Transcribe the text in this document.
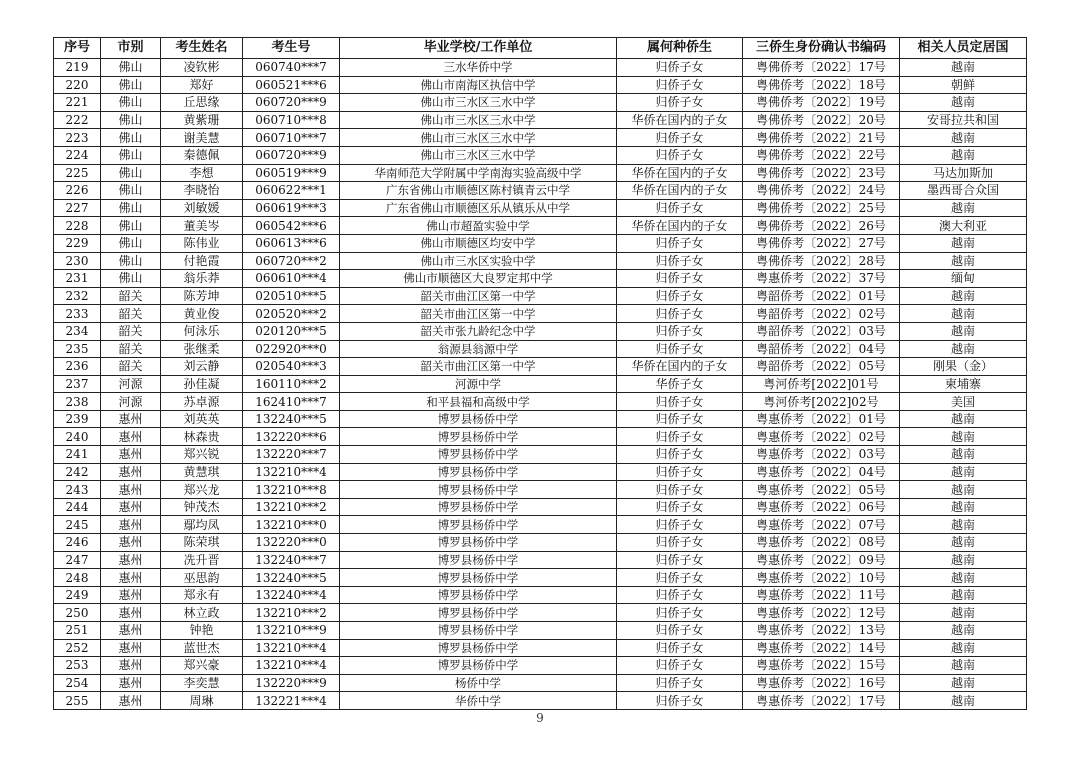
序号	市别	考生姓名	考生号	毕业学校/工作单位	属何种侨生	三侨生身份确认书编码	相关人员定居国
219	佛山	凌钦彬	060740***7	三水华侨中学	归侨子女	粤佛侨考〔2022〕17号	越南
220	佛山	郑好	060521***6	佛山市南海区执信中学	归侨子女	粤佛侨考〔2022〕18号	朝鲜
221	佛山	丘思缘	060720***9	佛山市三水区三水中学	归侨子女	粤佛侨考〔2022〕19号	越南
222	佛山	黄紫珊	060710***8	佛山市三水区三水中学	华侨在国内的子女	粤佛侨考〔2022〕20号	安哥拉共和国
223	佛山	谢美慧	060710***7	佛山市三水区三水中学	归侨子女	粤佛侨考〔2022〕21号	越南
224	佛山	秦德佩	060720***9	佛山市三水区三水中学	归侨子女	粤佛侨考〔2022〕22号	越南
225	佛山	李想	060519***9	华南师范大学附属中学南海实验高级中学	华侨在国内的子女	粤佛侨考〔2022〕23号	马达加斯加
226	佛山	李晓怡	060622***1	广东省佛山市顺德区陈村镇青云中学	华侨在国内的子女	粤佛侨考〔2022〕24号	墨西哥合众国
227	佛山	刘敏媛	060619***3	广东省佛山市顺德区乐从镇乐从中学	归侨子女	粤佛侨考〔2022〕25号	越南
228	佛山	董美岑	060542***6	佛山市超盈实验中学	华侨在国内的子女	粤佛侨考〔2022〕26号	澳大利亚
229	佛山	陈伟业	060613***6	佛山市顺德区均安中学	归侨子女	粤佛侨考〔2022〕27号	越南
230	佛山	付艳霞	060720***2	佛山市三水区实验中学	归侨子女	粤佛侨考〔2022〕28号	越南
231	佛山	翁乐莽	060610***4	佛山市顺德区大良罗定邦中学	归侨子女	粤惠侨考〔2022〕37号	缅甸
232	韶关	陈芳坤	020510***5	韶关市曲江区第一中学	归侨子女	粤韶侨考〔2022〕01号	越南
233	韶关	黄业俊	020520***2	韶关市曲江区第一中学	归侨子女	粤韶侨考〔2022〕02号	越南
234	韶关	何泳乐	020120***5	韶关市张九龄纪念中学	归侨子女	粤韶侨考〔2022〕03号	越南
235	韶关	张继柔	022920***0	翁源县翁源中学	归侨子女	粤韶侨考〔2022〕04号	越南
236	韶关	刘云静	020540***3	韶关市曲江区第一中学	华侨在国内的子女	粤韶侨考〔2022〕05号	刚果（金）
237	河源	孙佳凝	160110***2	河源中学	华侨子女	粤河侨考[2022]01号	柬埔寨
238	河源	苏卓源	162410***7	和平县福和高级中学	归侨子女	粤河侨考[2022]02号	美国
239	惠州	刘英英	132240***5	博罗县杨侨中学	归侨子女	粤惠侨考〔2022〕01号	越南
240	惠州	林森贵	132220***6	博罗县杨侨中学	归侨子女	粤惠侨考〔2022〕02号	越南
241	惠州	郑兴锐	132220***7	博罗县杨侨中学	归侨子女	粤惠侨考〔2022〕03号	越南
242	惠州	黄慧琪	132210***4	博罗县杨侨中学	归侨子女	粤惠侨考〔2022〕04号	越南
243	惠州	郑兴龙	132210***8	博罗县杨侨中学	归侨子女	粤惠侨考〔2022〕05号	越南
244	惠州	钟茂杰	132210***2	博罗县杨侨中学	归侨子女	粤惠侨考〔2022〕06号	越南
245	惠州	鄢均凤	132210***0	博罗县杨侨中学	归侨子女	粤惠侨考〔2022〕07号	越南
246	惠州	陈荣琪	132220***0	博罗县杨侨中学	归侨子女	粤惠侨考〔2022〕08号	越南
247	惠州	冼升晋	132240***7	博罗县杨侨中学	归侨子女	粤惠侨考〔2022〕09号	越南
248	惠州	巫思韵	132240***5	博罗县杨侨中学	归侨子女	粤惠侨考〔2022〕10号	越南
249	惠州	郑永有	132240***4	博罗县杨侨中学	归侨子女	粤惠侨考〔2022〕11号	越南
250	惠州	林立政	132210***2	博罗县杨侨中学	归侨子女	粤惠侨考〔2022〕12号	越南
251	惠州	钟艳	132210***9	博罗县杨侨中学	归侨子女	粤惠侨考〔2022〕13号	越南
252	惠州	蓝世杰	132210***4	博罗县杨侨中学	归侨子女	粤惠侨考〔2022〕14号	越南
253	惠州	郑兴豪	132210***4	博罗县杨侨中学	归侨子女	粤惠侨考〔2022〕15号	越南
254	惠州	李奕慧	132220***9	杨侨中学	归侨子女	粤惠侨考〔2022〕16号	越南
255	惠州	周琳	132221***4	华侨中学	归侨子女	粤惠侨考〔2022〕17号	越南
9
